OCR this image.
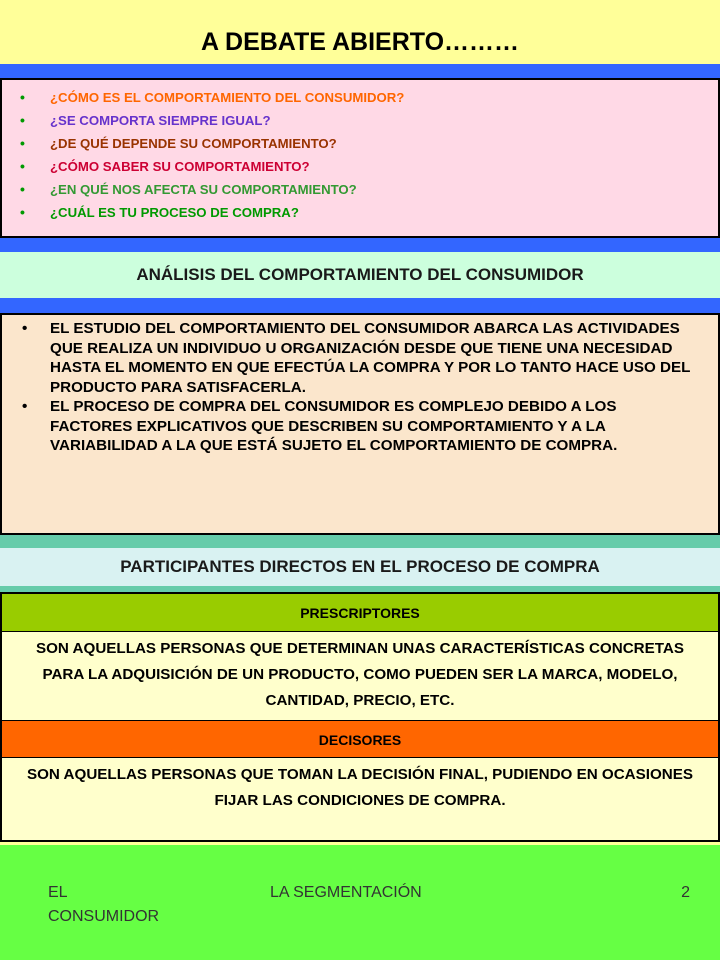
A DEBATE ABIERTO………
• ¿CÓMO ES EL COMPORTAMIENTO DEL CONSUMIDOR?
• ¿SE COMPORTA SIEMPRE IGUAL?
• ¿DE QUÉ DEPENDE SU COMPORTAMIENTO?
• ¿CÓMO SABER SU COMPORTAMIENTO?
• ¿EN QUÉ NOS AFECTA SU COMPORTAMIENTO?
• ¿CUÁL ES TU PROCESO DE COMPRA?
ANÁLISIS DEL COMPORTAMIENTO DEL CONSUMIDOR
• EL ESTUDIO DEL COMPORTAMIENTO DEL CONSUMIDOR ABARCA LAS ACTIVIDADES QUE REALIZA UN INDIVIDUO U ORGANIZACIÓN DESDE QUE TIENE UNA NECESIDAD HASTA EL MOMENTO EN QUE EFECTÚA LA COMPRA Y POR LO TANTO HACE USO DEL PRODUCTO PARA SATISFACERLA.
• EL PROCESO DE COMPRA DEL CONSUMIDOR ES COMPLEJO DEBIDO A LOS FACTORES EXPLICATIVOS QUE DESCRIBEN SU COMPORTAMIENTO Y A LA VARIABILIDAD A LA QUE ESTÁ SUJETO EL COMPORTAMIENTO DE COMPRA.
PARTICIPANTES DIRECTOS EN EL PROCESO DE COMPRA
PRESCRIPTORES
SON AQUELLAS PERSONAS QUE DETERMINAN UNAS CARACTERÍSTICAS CONCRETAS PARA LA ADQUISICIÓN DE UN PRODUCTO, COMO PUEDEN SER LA MARCA, MODELO, CANTIDAD, PRECIO, ETC.
DECISORES
SON AQUELLAS PERSONAS QUE TOMAN LA DECISIÓN FINAL, PUDIENDO EN OCASIONES FIJAR LAS CONDICIONES DE COMPRA.
EL CONSUMIDOR
LA SEGMENTACIÓN	2
